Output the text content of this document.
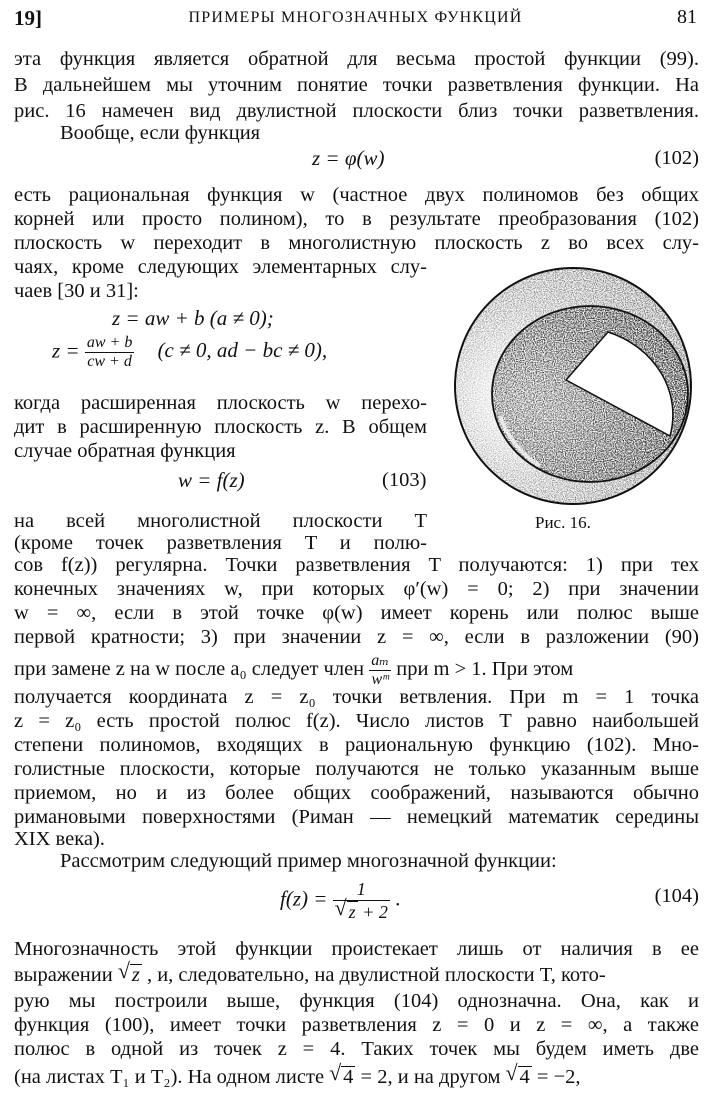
19]	ПРИМЕРЫ МНОГОЗНАЧНЫХ ФУНКЦИЙ	81
эта функция является обратной для весьма простой функции (99).
В дальнейшем мы уточним понятие точки разветвления функции. На
рис. 16 намечен вид двулистной плоскости близ точки разветвления.
Вообще, если функция
z = φ(w)	(102)
есть рациональная функция w (частное двух полиномов без общих
корней или просто полином), то в результате преобразования (102)
плоскость w переходит в многолистную плоскость z во всех слу-
чаях, кроме следующих элементарных слу-
чаев [30 и 31]:
z = aw + b (a ≠ 0);
$z = \frac{aw + b}{cw + d} (c \ne 0$, ad − bc ≠ 0),
когда расширенная плоскость w перехо-
дит в расширенную плоскость z. В общем
случае обратная функция
w = f(z)	(103)
на всей многолистной плоскости T
(кроме точек разветвления T и полю-
сов f(z)) регулярна. Точки разветвления T получаются: 1) при тех
конечных значениях w, при которых φ′(w) = 0; 2) при значении
w = ∞, если в этой точке φ(w) имеет корень или полюс выше
первой кратности; 3) при значении z = ∞, если в разложении (90)
при замене z на w после a₀ следует член $\frac{\text{aₘ}}{\text{wᵐ}}$ при m > 1. При этом
получается координата z = z₀ точки ветвления. При m = 1 точка
z = z₀ есть простой полюс f(z). Число листов T равно наибольшей
степени полиномов, входящих в рациональную функцию (102). Мно-
голистные плоскости, которые получаются не только указанным выше
приемом, но и из более общих соображений, называются обычно
римановыми поверхностями (Риман — немецкий математик середины
XIX века).
Рассмотрим следующий пример многозначной функции:
$f(z) = \frac{1}{√ z + 2}$ .	(104)
Многозначность этой функции проистекает лишь от наличия в ее
выражении √ z , и, следовательно, на двулистной плоскости T, кото-
рую мы построили выше, функция (104) однозначна. Она, как и
функция (100), имеет точки разветвления z = 0 и z = ∞, а также
полюс в одной из точек z = 4. Таких точек мы будем иметь две
(на листах T₁ и T₂). На одном листе √ 4 = 2, и на другом √ 4 = −2,
Рис. 16.
